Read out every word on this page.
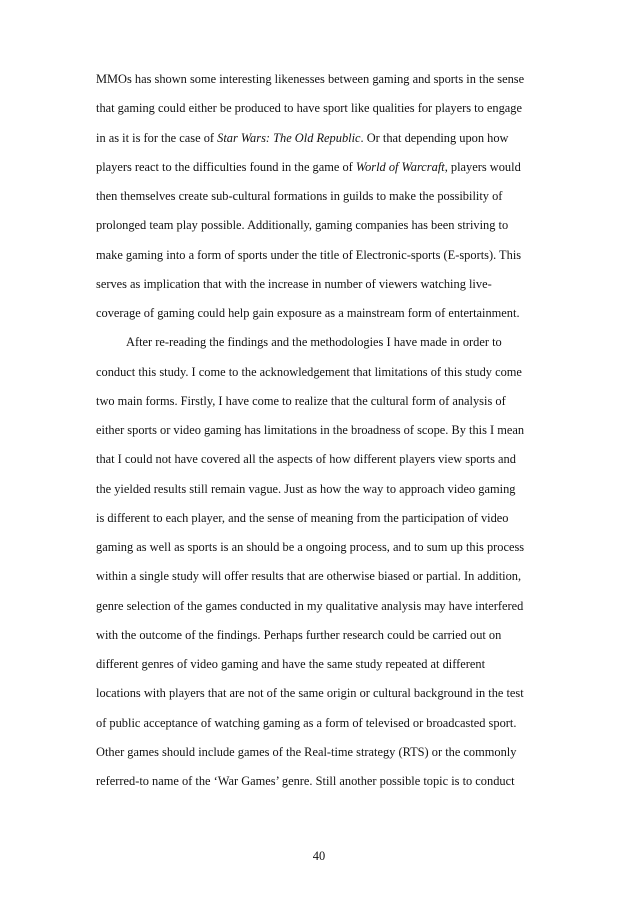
MMOs has shown some interesting likenesses between gaming and sports in the sense
that gaming could either be produced to have sport like qualities for players to engage
in as it is for the case of Star Wars: The Old Republic. Or that depending upon how
players react to the difficulties found in the game of World of Warcraft, players would
then themselves create sub-cultural formations in guilds to make the possibility of
prolonged team play possible. Additionally, gaming companies has been striving to
make gaming into a form of sports under the title of Electronic-sports (E-sports). This
serves as implication that with the increase in number of viewers watching live-
coverage of gaming could help gain exposure as a mainstream form of entertainment.
After re-reading the findings and the methodologies I have made in order to
conduct this study. I come to the acknowledgement that limitations of this study come
two main forms. Firstly, I have come to realize that the cultural form of analysis of
either sports or video gaming has limitations in the broadness of scope. By this I mean
that I could not have covered all the aspects of how different players view sports and
the yielded results still remain vague. Just as how the way to approach video gaming
is different to each player, and the sense of meaning from the participation of video
gaming as well as sports is an should be a ongoing process, and to sum up this process
within a single study will offer results that are otherwise biased or partial. In addition,
genre selection of the games conducted in my qualitative analysis may have interfered
with the outcome of the findings. Perhaps further research could be carried out on
different genres of video gaming and have the same study repeated at different
locations with players that are not of the same origin or cultural background in the test
of public acceptance of watching gaming as a form of televised or broadcasted sport.
Other games should include games of the Real-time strategy (RTS) or the commonly
referred-to name of the ‘War Games’ genre. Still another possible topic is to conduct
40
